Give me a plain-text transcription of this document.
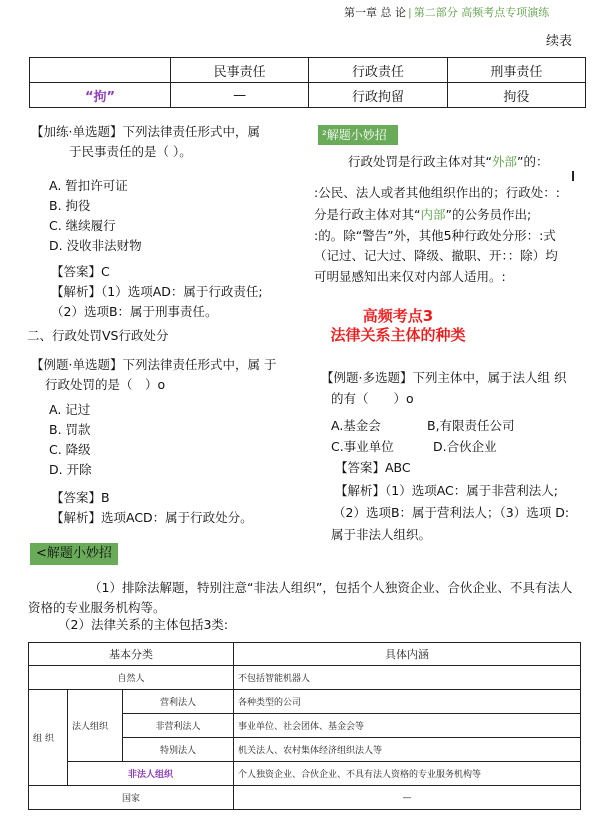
第一章 总 论 | 第二部分 高频考点专项演练
续表
	民事责任	行政责任	刑事责任
“拘”	—	行政拘留	拘役
【加练·单选题】下列法律责任形式中，属
于民事责任的是（ ）。
A. 暂扣许可证
B. 拘役
C. 继续履行
D. 没收非法财物
【答案】C
【解析】（1）选项AD：属于行政责任;
（2）选项B：属于刑事责任。
二、行政处罚VS行政处分
【例题·单选题】下列法律责任形式中，属 于
行政处罚的是（　）o
A. 记过
B. 罚款
C. 降级
D. 开除
【答案】B
【解析】选项ACD：属于行政处分。
²解题小妙招
行政处罚是行政主体对其“外部”的：
:公民、法人或者其他组织作出的；行政处：:
分是行政主体对其“内部”的公务员作出;
:的。除“警告”外，其他5种行政处分形：:式
（记过、记大过、降级、撤职、开：：除）均
可明显感知出来仅对内部人适用。:
高频考点3
法律关系主体的种类
【例题·多选题】下列主体中，属于法人组 织
的有（　　）o
A.基金会	B,有限责任公司
C.事业单位	D.合伙企业
【答案】ABC
【解析】（1）选项AC：属于非营利法人;
（2）选项B：属于营利法人；（3）选项 D:
属于非法人组织。
<解题小妙招
（1）排除法解题，特别注意“非法人组织”，包括个人独资企业、合伙企业、不具有法人
资格的专业服务机构等。
（2）法律关系的主体包括3类:
基本分类			具体内涵
自然人			不包括智能机器人
组 织	法人组织	营利法人	各种类型的公司
		非营利法人	事业单位、社会团体、基金会等
		特别法人	机关法人、农村集体经济组织法人等
	非法人组织		个人独资企业、合伙企业、不具有法人资格的专业服务机构等
国家			—
